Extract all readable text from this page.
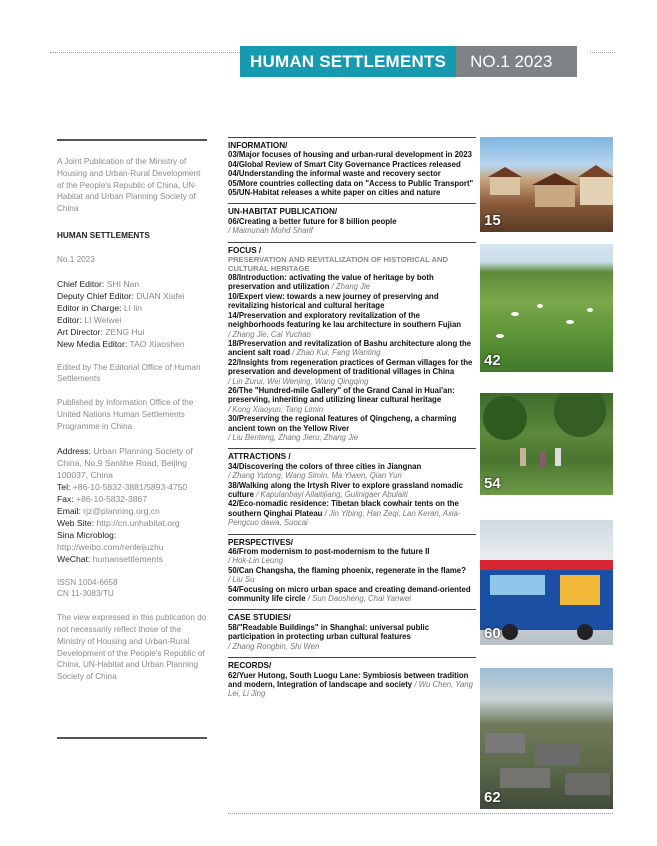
HUMAN SETTLEMENTS	NO.1 2023
A Joint Publication of the Ministry of Housing and Urban-Rural Development of the People's Republic of China, UN-Habitat and Urban Planning Society of China
HUMAN SETTLEMENTS
No.1 2023
Chief Editor: SHI Nan
Deputy Chief Editor: DUAN Xiafei
Editor in Charge: LI lin
Editor: LI Weiwei
Art Director: ZENG Hui
New Media Editor: TAO Xiaoshen
Edited by The Editorial Office of Human Settlements
Published by Information Office of the United Nations Human Settlements Programme in China
Address: Urban Planning Society of China, No.9 Sanlihe Road, Beijing 100037, China
Tel: +86-10-5832-3881/5893-4750
Fax: +86-10-5832-3867
Email: rjz@planning.org.cn
Web Site: http://cn.unhabitat.org
Sina Microblog: http://weibo.com/renleijuzhu
WeChat: humansettlements
ISSN 1004-6658
CN 11-3083/TU
The view expressed in this publication do not necessarily reflect those of the Ministry of Housing and Urban-Rural Development of the People's Republic of China, UN-Habitat and Urban Planning Society of China
INFORMATION/
03/Major focuses of housing and urban-rural development in 2023
04/Global Review of Smart City Governance Practices released
04/Understanding the informal waste and recovery sector
05/More countries collecting data on "Access to Public Transport"
05/UN-Habitat releases a white paper on cities and nature
UN-HABITAT PUBLICATION/
06/Creating a better future for 8 billion people
/ Maimunah Mohd Sharif
FOCUS /
PRESERVATION AND REVITALIZATION OF HISTORICAL AND CULTURAL HERITAGE
08/Introduction: activating the value of heritage by both preservation and utilization / Zhang Jie
10/Expert view: towards a new journey of preserving and revitalizing historical and cultural heritage
14/Preservation and exploratory revitalization of the neighborhoods featuring ke lau architecture in southern Fujian
/ Zhang Jie, Cai Yuchao
18/Preservation and revitalization of Bashu architecture along the ancient salt road / Zhao Kui, Fang Wanting
22/Insights from regeneration practices of German villages for the preservation and development of traditional villages in China
/ Lin Zurui, Wei Wenjing, Wang Qingqing
26/The "Hundred-mile Gallery" of the Grand Canal in Huai'an: preserving, inheriting and utilizing linear cultural heritage
/ Kong Xiaoyun, Tang Limin
30/Preserving the regional features of Qingcheng, a charming ancient town on the Yellow River
/ Liu Benteng, Zhang Jieru, Zhang Jie
ATTRACTIONS /
34/Discovering the colors of three cities in Jiangnan
/ Zhang Yutong, Wang Simin, Ma Yiwen, Qian Yun
38/Walking along the Irtysh River to explore grassland nomadic culture / Kapulanbayi Ailaitijiang, Gulinigaer Abulaiti
42/Eco-nomadic residence: Tibetan black cowhair tents on the southern Qinghai Plateau / Jin Yibing, Han Zeqi, Lan Keran, Axia-Pengcuo dawa, Suocai
PERSPECTIVES/
46/From modernism to post-modernism to the future II
/ Hok-Lin Leung
50/Can Changsha, the flaming phoenix, regenerate in the flame?
/ Liu Su
54/Focusing on micro urban space and creating demand-oriented community life circle / Sun Daosheng, Chai Yanwei
CASE STUDIES/
58/"Readable Buildings" in Shanghai: universal public participation in protecting urban cultural features
/ Zhang Rongbin, Shi Wen
RECORDS/
62/Yuer Hutong, South Luogu Lane: Symbiosis between tradition and modern, Integration of landscape and society / Wu Chen, Yang Lei, Li Jing
15
42
54
60
62
